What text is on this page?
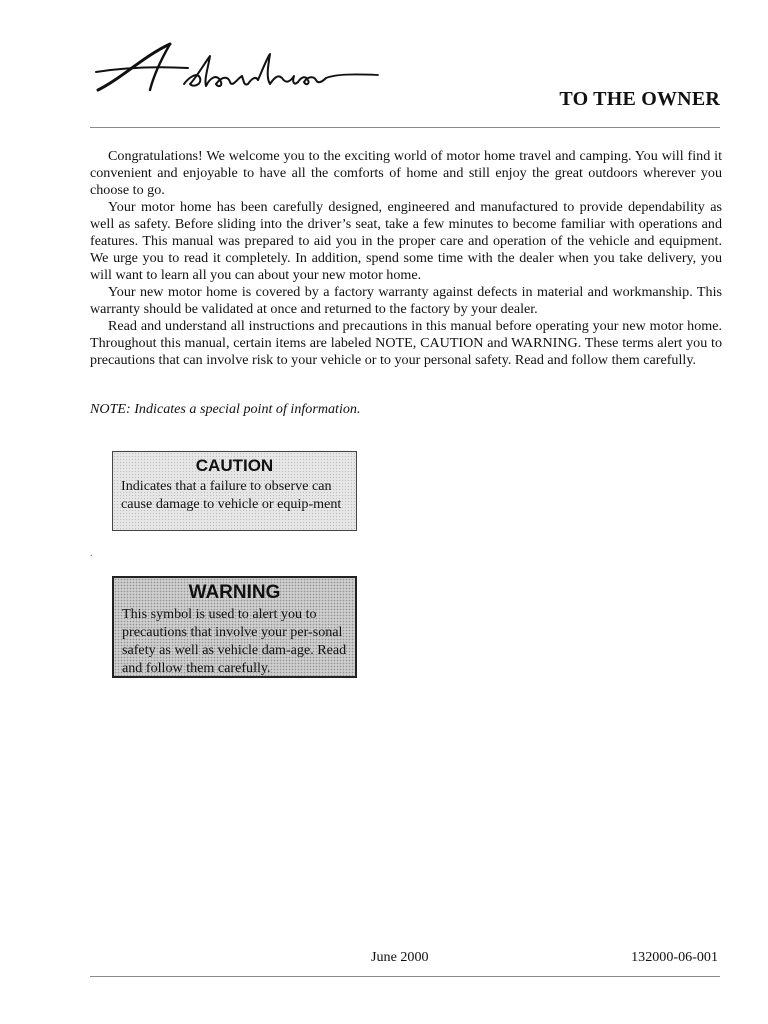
TO THE OWNER

Congratulations! We welcome you to the exciting world of motor home travel and camping. You will find it convenient and enjoyable to have all the comforts of home and still enjoy the great outdoors wherever you choose to go.

Your motor home has been carefully designed, engineered and manufactured to provide dependability as well as safety. Before sliding into the driver’s seat, take a few minutes to become familiar with operations and features. This manual was prepared to aid you in the proper care and operation of the vehicle and equipment. We urge you to read it completely. In addition, spend some time with the dealer when you take delivery, you will want to learn all you can about your new motor home.

Your new motor home is covered by a factory warranty against defects in material and workmanship. This warranty should be validated at once and returned to the factory by your dealer.

Read and understand all instructions and precautions in this manual before operating your new motor home. Throughout this manual, certain items are labeled NOTE, CAUTION and WARNING. These terms alert you to precautions that can involve risk to your vehicle or to your personal safety. Read and follow them carefully.

NOTE: Indicates a special point of information.

CAUTION
Indicates that a failure to observe can cause damage to vehicle or equip-ment
.
WARNING
This symbol is used to alert you to precautions that involve your per-sonal safety as well as vehicle dam-age. Read and follow them carefully.
June 2000	132000-06-001
